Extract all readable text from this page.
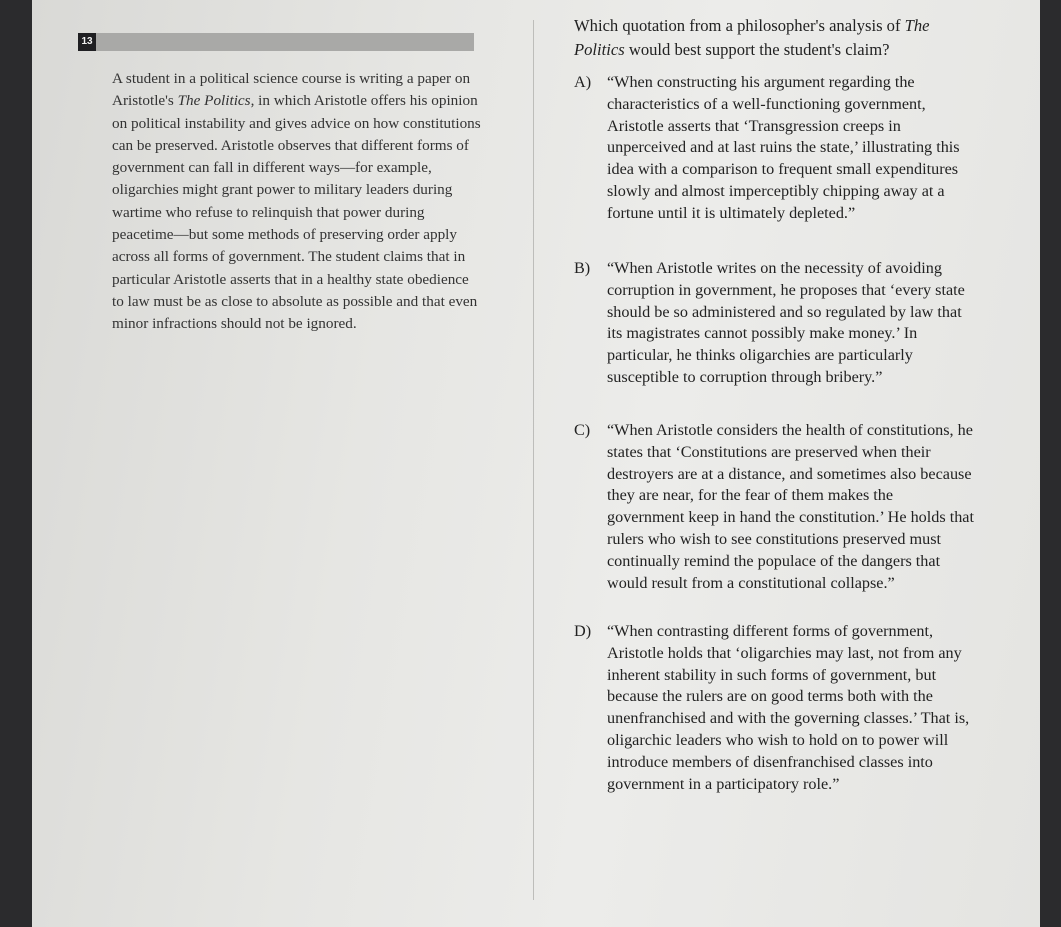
13

A student in a political science course is writing a paper on Aristotle's The Politics, in which Aristotle offers his opinion on political instability and gives advice on how constitutions can be preserved. Aristotle observes that different forms of government can fall in different ways—for example, oligarchies might grant power to military leaders during wartime who refuse to relinquish that power during peacetime—but some methods of preserving order apply across all forms of government. The student claims that in particular Aristotle asserts that in a healthy state obedience to law must be as close to absolute as possible and that even minor infractions should not be ignored.

Which quotation from a philosopher's analysis of The Politics would best support the student's claim?

A) “When constructing his argument regarding the characteristics of a well-functioning government, Aristotle asserts that ‘Transgression creeps in unperceived and at last ruins the state,’ illustrating this idea with a comparison to frequent small expenditures slowly and almost imperceptibly chipping away at a fortune until it is ultimately depleted.”
B)	“When Aristotle writes on the necessity of avoiding corruption in government, he proposes that ‘every state should be so administered and so regulated by law that its magistrates cannot possibly make money.’ In particular, he thinks oligarchies are particularly susceptible to corruption through bribery.”
C)	“When Aristotle considers the health of constitutions, he states that ‘Constitutions are preserved when their destroyers are at a distance, and sometimes also because they are near, for the fear of them makes the government keep in hand the constitution.’ He holds that rulers who wish to see constitutions preserved must continually remind the populace of the dangers that would result from a constitutional collapse.”
D) “When contrasting different forms of government, Aristotle holds that ‘oligarchies may last, not from any inherent stability in such forms of government, but because the rulers are on good terms both with the unenfranchised and with the governing classes.’ That is, oligarchic leaders who wish to hold on to power will introduce members of disenfranchised classes into government in a participatory role.”
